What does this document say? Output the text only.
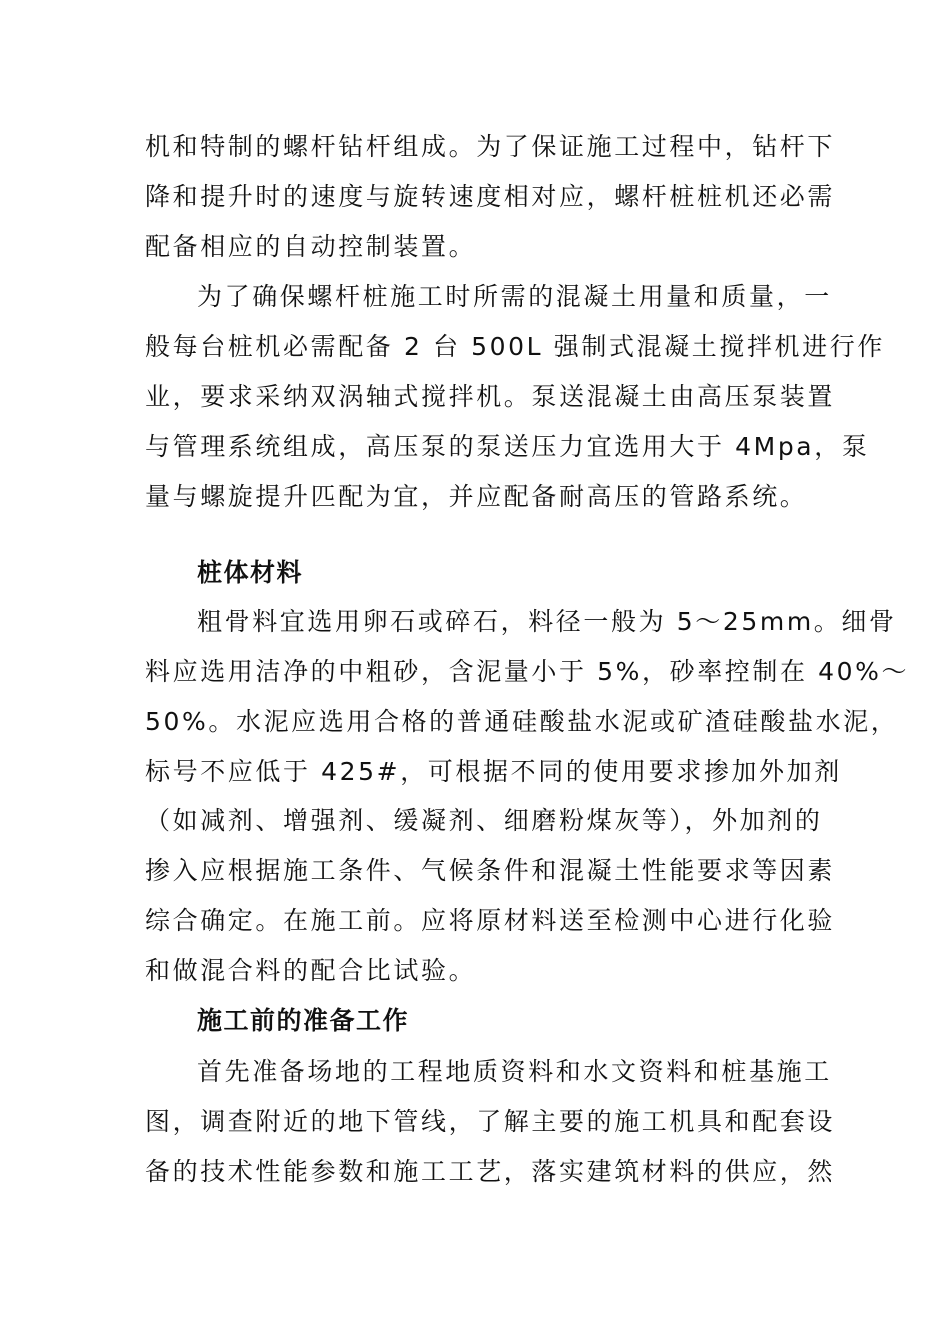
机和特制的螺杆钻杆组成。为了保证施工过程中，钻杆下
降和提升时的速度与旋转速度相对应，螺杆桩桩机还必需
配备相应的自动控制装置。
为了确保螺杆桩施工时所需的混凝土用量和质量，一
般每台桩机必需配备 2 台 500L 强制式混凝土搅拌机进行作
业，要求采纳双涡轴式搅拌机。泵送混凝土由高压泵装置
与管理系统组成，高压泵的泵送压力宜选用大于 4Mpa，泵
量与螺旋提升匹配为宜，并应配备耐高压的管路系统。
桩体材料
粗骨料宜选用卵石或碎石，料径一般为 5～25mm。细骨
料应选用洁净的中粗砂，含泥量小于 5%，砂率控制在 40%～
50%。水泥应选用合格的普通硅酸盐水泥或矿渣硅酸盐水泥，
标号不应低于 425#，可根据不同的使用要求掺加外加剂
（如减剂、增强剂、缓凝剂、细磨粉煤灰等），外加剂的
掺入应根据施工条件、气候条件和混凝土性能要求等因素
综合确定。在施工前。应将原材料送至检测中心进行化验
和做混合料的配合比试验。
施工前的准备工作
首先准备场地的工程地质资料和水文资料和桩基施工
图，调查附近的地下管线，了解主要的施工机具和配套设
备的技术性能参数和施工工艺，落实建筑材料的供应，然
